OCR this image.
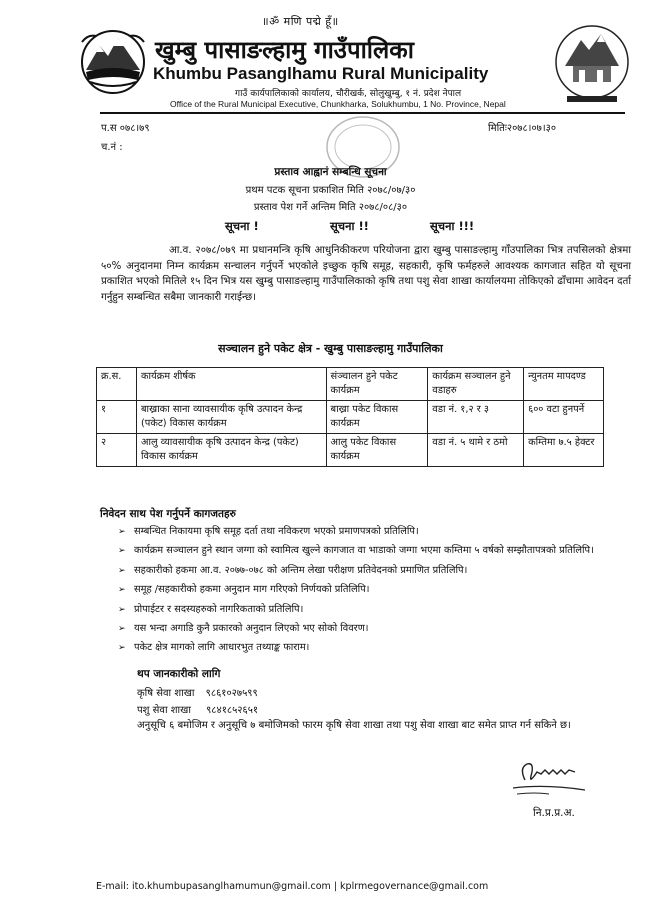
॥ॐ मणि पद्मे हूँ॥
खुम्बु पासाङल्हामु गाउँपालिका
Khumbu Pasanglhamu Rural Municipality
गाउँ कार्यपालिकाको कार्यालय, चौरीखर्क, सोलुखुम्बु, १ नं. प्रदेश नेपाल
Office of the Rural Municipal Executive, Chunkharka, Solukhumbu, 1 No. Province, Nepal
प.स ०७८।७९
च.नं :
मितिः२०७८।०७।३०
प्रस्ताव आह्वानं सम्बन्धि सूचना
प्रथम पटक सूचना प्रकाशित मिति २०७८/०७/३०
प्रस्ताव पेश गर्ने अन्तिम मिति २०७८/०८/३०
सूचना !	सूचना !!	सूचना !!!
आ.व. २०७८/०७९ मा प्रधानमन्त्रि कृषि आधुनिकीकरण परियोजना द्वारा खुम्बु पासाङल्हामु गाँउपालिका भित्र तपसिलको क्षेत्रमा ५०% अनुदानमा निम्न कार्यक्रम सन्चालन गर्नुपर्ने भएकोले इच्छुक कृषि समूह, सहकारी, कृषि फर्महरुले आवश्यक कागजात सहित यो सूचना प्रकाशित भएको मितिले १५ दिन भित्र यस खुम्बु पासाङल्हामु गाउँपालिकाको कृषि तथा पशु सेवा शाखा कार्यालयमा तोकिएको ढाँचामा आवेदन दर्ता गर्नुहुन सम्बन्धित सबैमा जानकारी गराईन्छ।
सञ्चालन हुने पकेट क्षेत्र - खुम्बु पासाङल्हामु गाउँपालिका
क्र.स.	कार्यक्रम शीर्षक	संञ्चालन हुने पकेट कार्यक्रम	कार्यक्रम सञ्चालन हुने वडाहरु	न्युनतम मापदण्ड
१	बाख्राका साना व्यावसायीक कृषि उत्पादन केन्द्र (पकेट) विकास कार्यक्रम	बाख्रा पकेट विकास कार्यक्रम	वडा नं. १,२ र ३	६०० वटा हुनपर्ने
२	आलु व्यावसायीक कृषि उत्पादन केन्द्र (पकेट) विकास कार्यक्रम	आलु पकेट विकास कार्यक्रम	वडा नं. ५ थामे र ठमो	कम्तिमा ७.५ हेक्टर
निवेदन साथ पेश गर्नुपर्ने कागजतहरु
➢ सम्बन्धित निकायमा कृषि समूह दर्ता तथा नविकरण भएको प्रमाणपत्रको प्रतिलिपि।
➢ कार्यक्रम सञ्चालन हुने स्थान जग्गा को स्वामित्व खुल्ने कागजात वा भाडाको जग्गा भएमा कम्तिमा ५ वर्षको सम्झौतापत्रको प्रतिलिपि।
➢ सहकारीको हकमा आ.व. २०७७-०७८ को अन्तिम लेखा परीक्षण प्रतिवेदनको प्रमाणित प्रतिलिपि।
➢ समूह /सहकारीको हकमा अनुदान माग गरिएको निर्णयको प्रतिलिपि।
➢ प्रोपाईटर र सदस्यहरुको नागरिकताको प्रतिलिपि।
➢ यस भन्दा अगाडि कुनै प्रकारको अनुदान लिएको भए सोको विवरण।
➢ पकेट क्षेत्र मागको लागि आधारभुत तथ्याङ्क फाराम।
थप जानकारीको लागि
कृषि सेवा शाखा ९८६१०२७५९९
पशु सेवा शाखा ९८४१८५२६५१
अनुसूचि ६ बमोजिम र अनुसूचि ७ बमोजिमको फारम कृषि सेवा शाखा तथा पशु सेवा शाखा बाट समेत प्राप्त गर्न सकिने छ।
नि.प्र.प्र.अ.
E-mail: ito.khumbupasanglhamumun@gmail.com | kplrmegovernance@gmail.com
